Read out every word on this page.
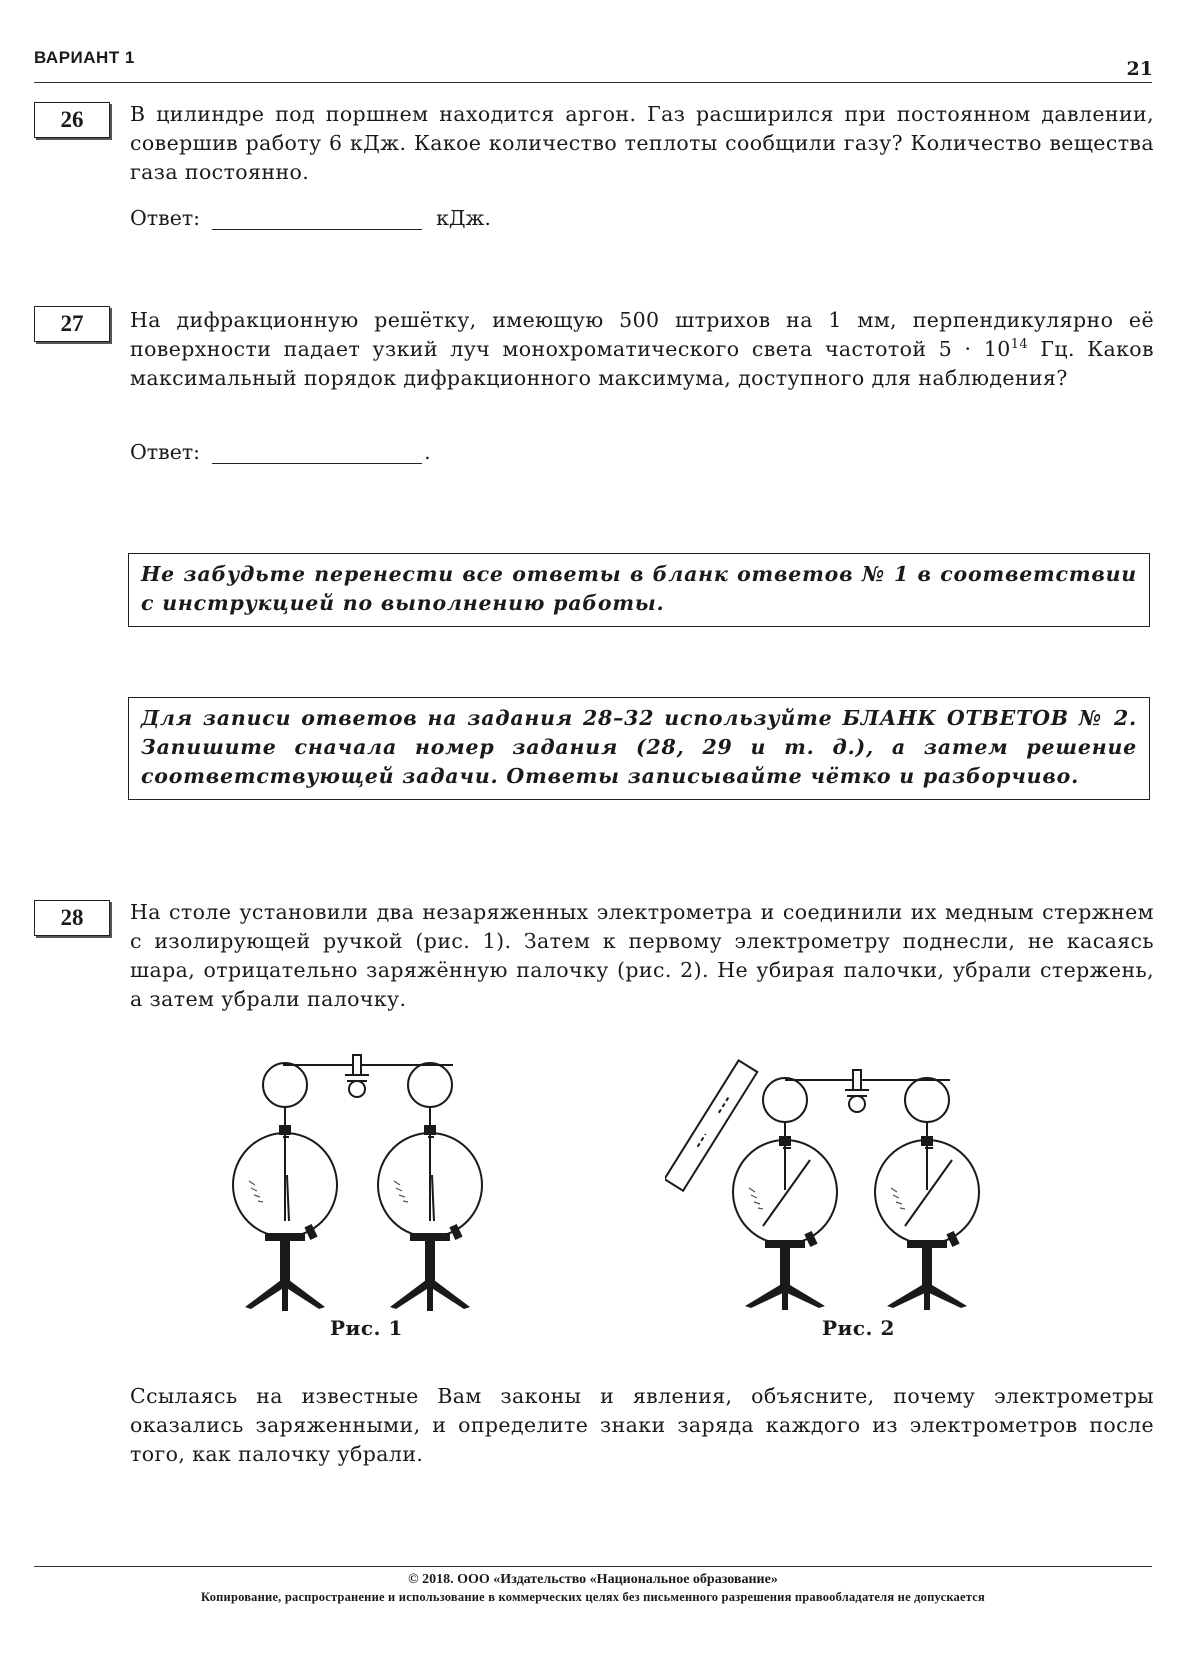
ВАРИАНТ 1
21
26	В цилиндре под поршнем находится аргон. Газ расширился при постоянном давлении, совершив работу 6 кДж. Какое количество теплоты сообщили газу? Количество вещества газа постоянно.
Ответ:	кДж.
27	На дифракционную решётку, имеющую 500 штрихов на 1 мм, перпендикулярно её поверхности падает узкий луч монохроматического света частотой $5 \cdot 10^{14}$ Гц. Каков максимальный порядок дифракционного максимума, доступного для наблюдения?
Ответ:	.
Не забудьте перенести все ответы в бланк ответов № 1 в соответствии с инструкцией по выполнению работы.
Для записи ответов на задания 28–32 используйте БЛАНК ОТВЕТОВ № 2. Запишите сначала номер задания (28, 29 и т. д.), а затем решение соответствующей задачи. Ответы записывайте чётко и разборчиво.
28	На столе установили два незаряженных электрометра и соединили их медным стержнем с изолирующей ручкой (рис. 1). Затем к первому электрометру поднесли, не касаясь шара, отрицательно заряжённую палочку (рис. 2). Не убирая палочки, убрали стержень, а затем убрали палочку.
Рис. 1	Рис. 2
Ссылаясь на известные Вам законы и явления, объясните, почему электрометры оказались заряженными, и определите знаки заряда каждого из электрометров после того, как палочку убрали.
© 2018. ООО «Издательство «Национальное образование»
Копирование, распространение и использование в коммерческих целях без письменного разрешения правообладателя не допускается
